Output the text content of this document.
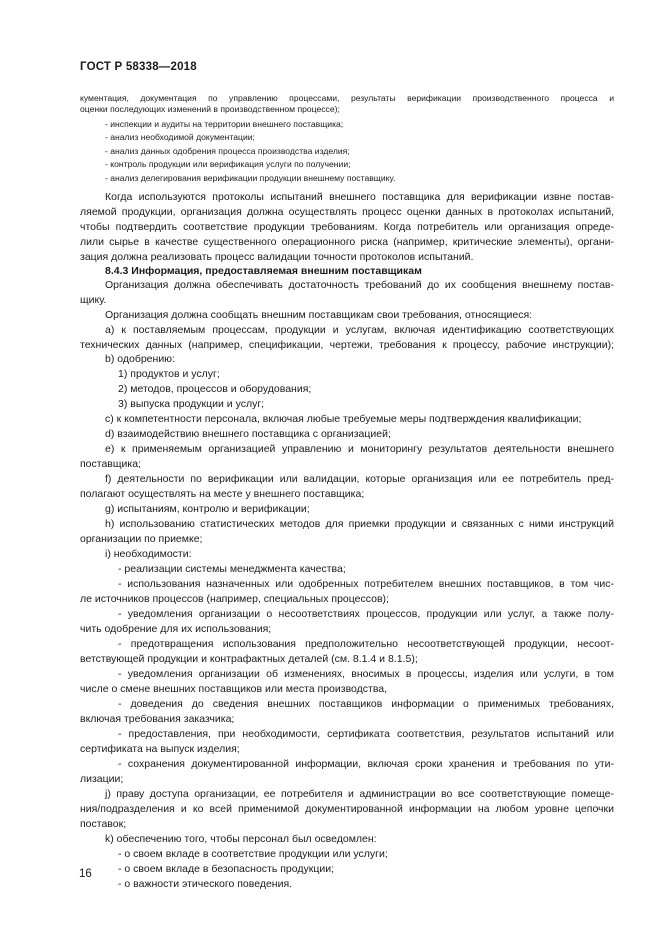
ГОСТ Р 58338—2018
кументация, документация по управлению процессами, результаты верификации производственного процесса и
оценки последующих изменений в производственном процессе);
- инспекции и аудиты на территории внешнего поставщика;
- анализ необходимой документации;
- анализ данных одобрения процесса производства изделия;
- контроль продукции или верификация услуги по получении;
- анализ делегирования верификации продукции внешнему поставщику.
Когда используются протоколы испытаний внешнего поставщика для верификации извне постав-
ляемой продукции, организация должна осуществлять процесс оценки данных в протоколах испытаний,
чтобы подтвердить соответствие продукции требованиям. Когда потребитель или организация опреде-
лили сырье в качестве существенного операционного риска (например, критические элементы), органи-
зация должна реализовать процесс валидации точности протоколов испытаний.
8.4.3 Информация, предоставляемая внешним поставщикам
Организация должна обеспечивать достаточность требований до их сообщения внешнему постав-
щику.
Организация должна сообщать внешним поставщикам свои требования, относящиеся:
а) к поставляемым процессам, продукции и услугам, включая идентификацию соответствующих
технических данных (например, спецификации, чертежи, требования к процессу, рабочие инструкции);
b) одобрению:
1) продуктов и услуг;
2) методов, процессов и оборудования;
3) выпуска продукции и услуг;
с) к компетентности персонала, включая любые требуемые меры подтверждения квалификации;
d) взаимодействию внешнего поставщика с организацией;
е) к применяемым организацией управлению и мониторингу результатов деятельности внешнего
поставщика;
f) деятельности по верификации или валидации, которые организация или ее потребитель пред-
полагают осуществлять на месте у внешнего поставщика;
g) испытаниям, контролю и верификации;
h) использованию статистических методов для приемки продукции и связанных с ними инструкций
организации по приемке;
i) необходимости:
- реализации системы менеджмента качества;
- использования назначенных или одобренных потребителем внешних поставщиков, в том чис-
ле источников процессов (например, специальных процессов);
- уведомления организации о несоответствиях процессов, продукции или услуг, а также полу-
чить одобрение для их использования;
- предотвращения использования предположительно несоответствующей продукции, несоот-
ветствующей продукции и контрафактных деталей (см. 8.1.4 и 8.1.5);
- уведомления организации об изменениях, вносимых в процессы, изделия или услуги, в том
числе о смене внешних поставщиков или места производства,
- доведения до сведения внешних поставщиков информации о применимых требованиях,
включая требования заказчика;
- предоставления, при необходимости, сертификата соответствия, результатов испытаний или
сертификата на выпуск изделия;
- сохранения документированной информации, включая сроки хранения и требования по ути-
лизации;
j) праву доступа организации, ее потребителя и администрации во все соответствующие помеще-
ния/подразделения и ко всей применимой документированной информации на любом уровне цепочки
поставок;
k) обеспечению того, чтобы персонал был осведомлен:
- о своем вкладе в соответствие продукции или услуги;
- о своем вкладе в безопасность продукции;
- о важности этического поведения.
16
